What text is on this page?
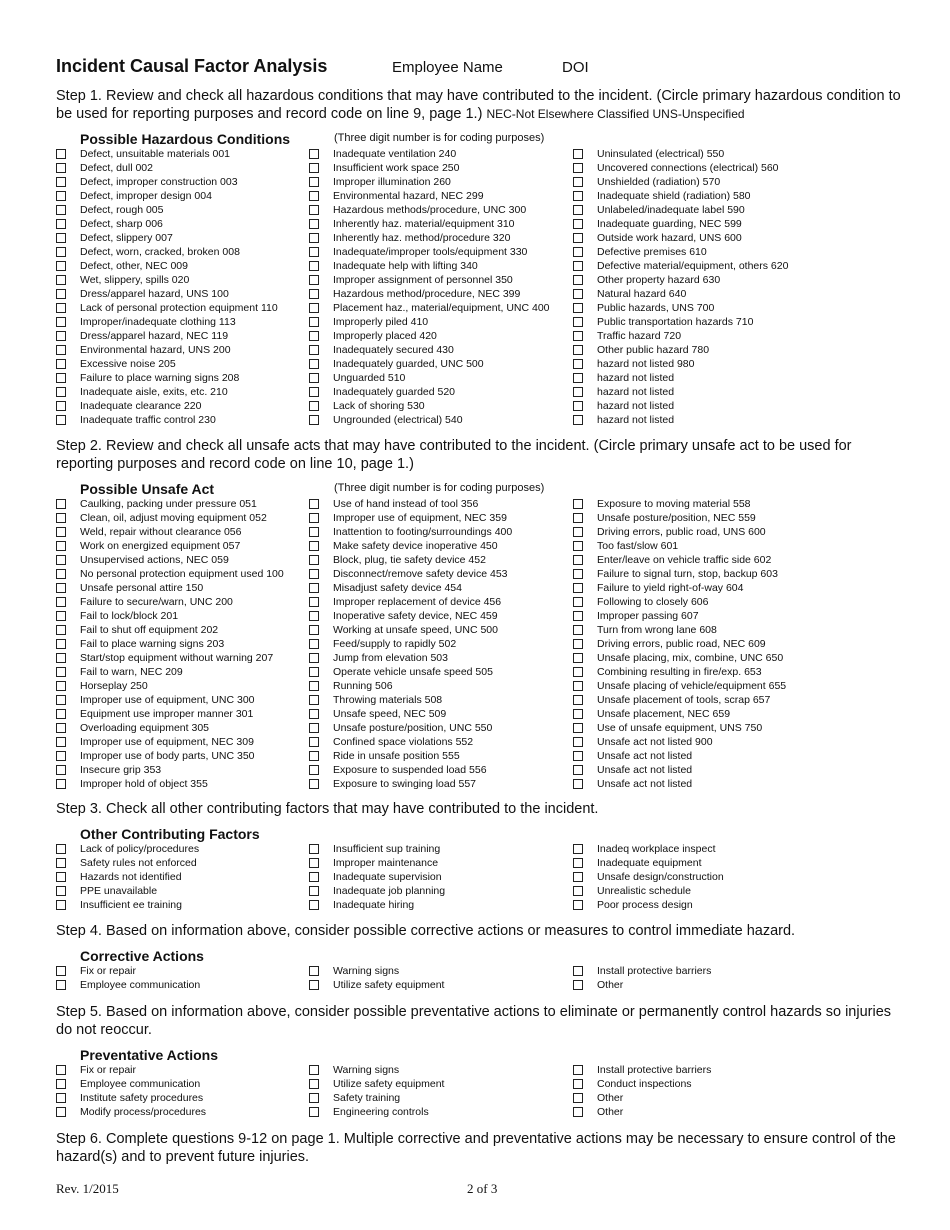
Incident Causal Factor Analysis	Employee Name	DOI
Step 1. Review and check all hazardous conditions that may have contributed to the incident. (Circle primary hazardous condition to be used for reporting purposes and record code on line 9, page 1.) NEC-Not Elsewhere Classified UNS-Unspecified
Possible Hazardous Conditions	(Three digit number is for coding purposes)
Defect, unsuitable materials 001
Defect, dull 002
Defect, improper construction 003
Defect, improper design 004
Defect, rough 005
Defect, sharp 006
Defect, slippery 007
Defect, worn, cracked, broken 008
Defect, other, NEC 009
Wet, slippery, spills 020
Dress/apparel hazard, UNS 100
Lack of personal protection equipment 110
Improper/inadequate clothing 113
Dress/apparel hazard, NEC 119
Environmental hazard, UNS 200
Excessive noise 205
Failure to place warning signs 208
Inadequate aisle, exits, etc. 210
Inadequate clearance 220
Inadequate traffic control 230
Inadequate ventilation 240
Insufficient work space 250
Improper illumination 260
Environmental hazard, NEC 299
Hazardous methods/procedure, UNC 300
Inherently haz. material/equipment 310
Inherently haz. method/procedure 320
Inadequate/improper tools/equipment 330
Inadequate help with lifting 340
Improper assignment of personnel 350
Hazardous method/procedure, NEC 399
Placement haz., material/equipment, UNC 400
Improperly piled 410
Improperly placed 420
Inadequately secured 430
Inadequately guarded, UNC 500
Unguarded 510
Inadequately guarded 520
Lack of shoring 530
Ungrounded (electrical) 540
Uninsulated (electrical) 550
Uncovered connections (electrical) 560
Unshielded (radiation) 570
Inadequate shield (radiation) 580
Unlabeled/inadequate label 590
Inadequate guarding, NEC 599
Outside work hazard, UNS 600
Defective premises 610
Defective material/equipment, others 620
Other property hazard 630
Natural hazard 640
Public hazards, UNS 700
Public transportation hazards 710
Traffic hazard 720
Other public hazard 780
hazard not listed 980
hazard not listed
hazard not listed
hazard not listed
hazard not listed
Step 2. Review and check all unsafe acts that may have contributed to the incident. (Circle primary unsafe act to be used for reporting purposes and record code on line 10, page 1.)
Possible Unsafe Act	(Three digit number is for coding purposes)
Caulking, packing under pressure 051
Clean, oil, adjust moving equipment 052
Weld, repair without clearance 056
Work on energized equipment 057
Unsupervised actions, NEC 059
No personal protection equipment used 100
Unsafe personal attire 150
Failure to secure/warn, UNC 200
Fail to lock/block 201
Fail to shut off equipment 202
Fail to place warning signs 203
Start/stop equipment without warning 207
Fail to warn, NEC 209
Horseplay 250
Improper use of equipment, UNC 300
Equipment use improper manner 301
Overloading equipment 305
Improper use of equipment, NEC 309
Improper use of body parts, UNC 350
Insecure grip 353
Improper hold of object 355
Use of hand instead of tool 356
Improper use of equipment, NEC 359
Inattention to footing/surroundings 400
Make safety device inoperative 450
Block, plug, tie safety device 452
Disconnect/remove safety device 453
Misadjust safety device 454
Improper replacement of device 456
Inoperative safety device, NEC 459
Working at unsafe speed, UNC 500
Feed/supply to rapidly 502
Jump from elevation 503
Operate vehicle unsafe speed 505
Running 506
Throwing materials 508
Unsafe speed, NEC 509
Unsafe posture/position, UNC 550
Confined space violations 552
Ride in unsafe position 555
Exposure to suspended load 556
Exposure to swinging load 557
Exposure to moving material 558
Unsafe posture/position, NEC 559
Driving errors, public road, UNS 600
Too fast/slow 601
Enter/leave on vehicle traffic side 602
Failure to signal turn, stop, backup 603
Failure to yield right-of-way 604
Following to closely 606
Improper passing 607
Turn from wrong lane 608
Driving errors, public road, NEC 609
Unsafe placing, mix, combine, UNC 650
Combining resulting in fire/exp. 653
Unsafe placing of vehicle/equipment 655
Unsafe placement of tools, scrap 657
Unsafe placement, NEC 659
Use of unsafe equipment, UNS 750
Unsafe act not listed 900
Unsafe act not listed
Unsafe act not listed
Unsafe act not listed
Step 3. Check all other contributing factors that may have contributed to the incident.
Other Contributing Factors
Lack of policy/procedures
Safety rules not enforced
Hazards not identified
PPE unavailable
Insufficient ee training
Insufficient sup training
Improper maintenance
Inadequate supervision
Inadequate job planning
Inadequate hiring
Inadeq workplace inspect
Inadequate equipment
Unsafe design/construction
Unrealistic schedule
Poor process design
Step 4. Based on information above, consider possible corrective actions or measures to control immediate hazard.
Corrective Actions
Fix or repair
Employee communication
Warning signs
Utilize safety equipment
Install protective barriers
Other
Step 5. Based on information above, consider possible preventative actions to eliminate or permanently control hazards so injuries do not reoccur.
Preventative Actions
Fix or repair
Employee communication
Institute safety procedures
Modify process/procedures
Warning signs
Utilize safety equipment
Safety training
Engineering controls
Install protective barriers
Conduct inspections
Other
Other
Step 6. Complete questions 9-12 on page 1. Multiple corrective and preventative actions may be necessary to ensure control of the hazard(s) and to prevent future injuries.
Rev. 1/2015	2 of 3
